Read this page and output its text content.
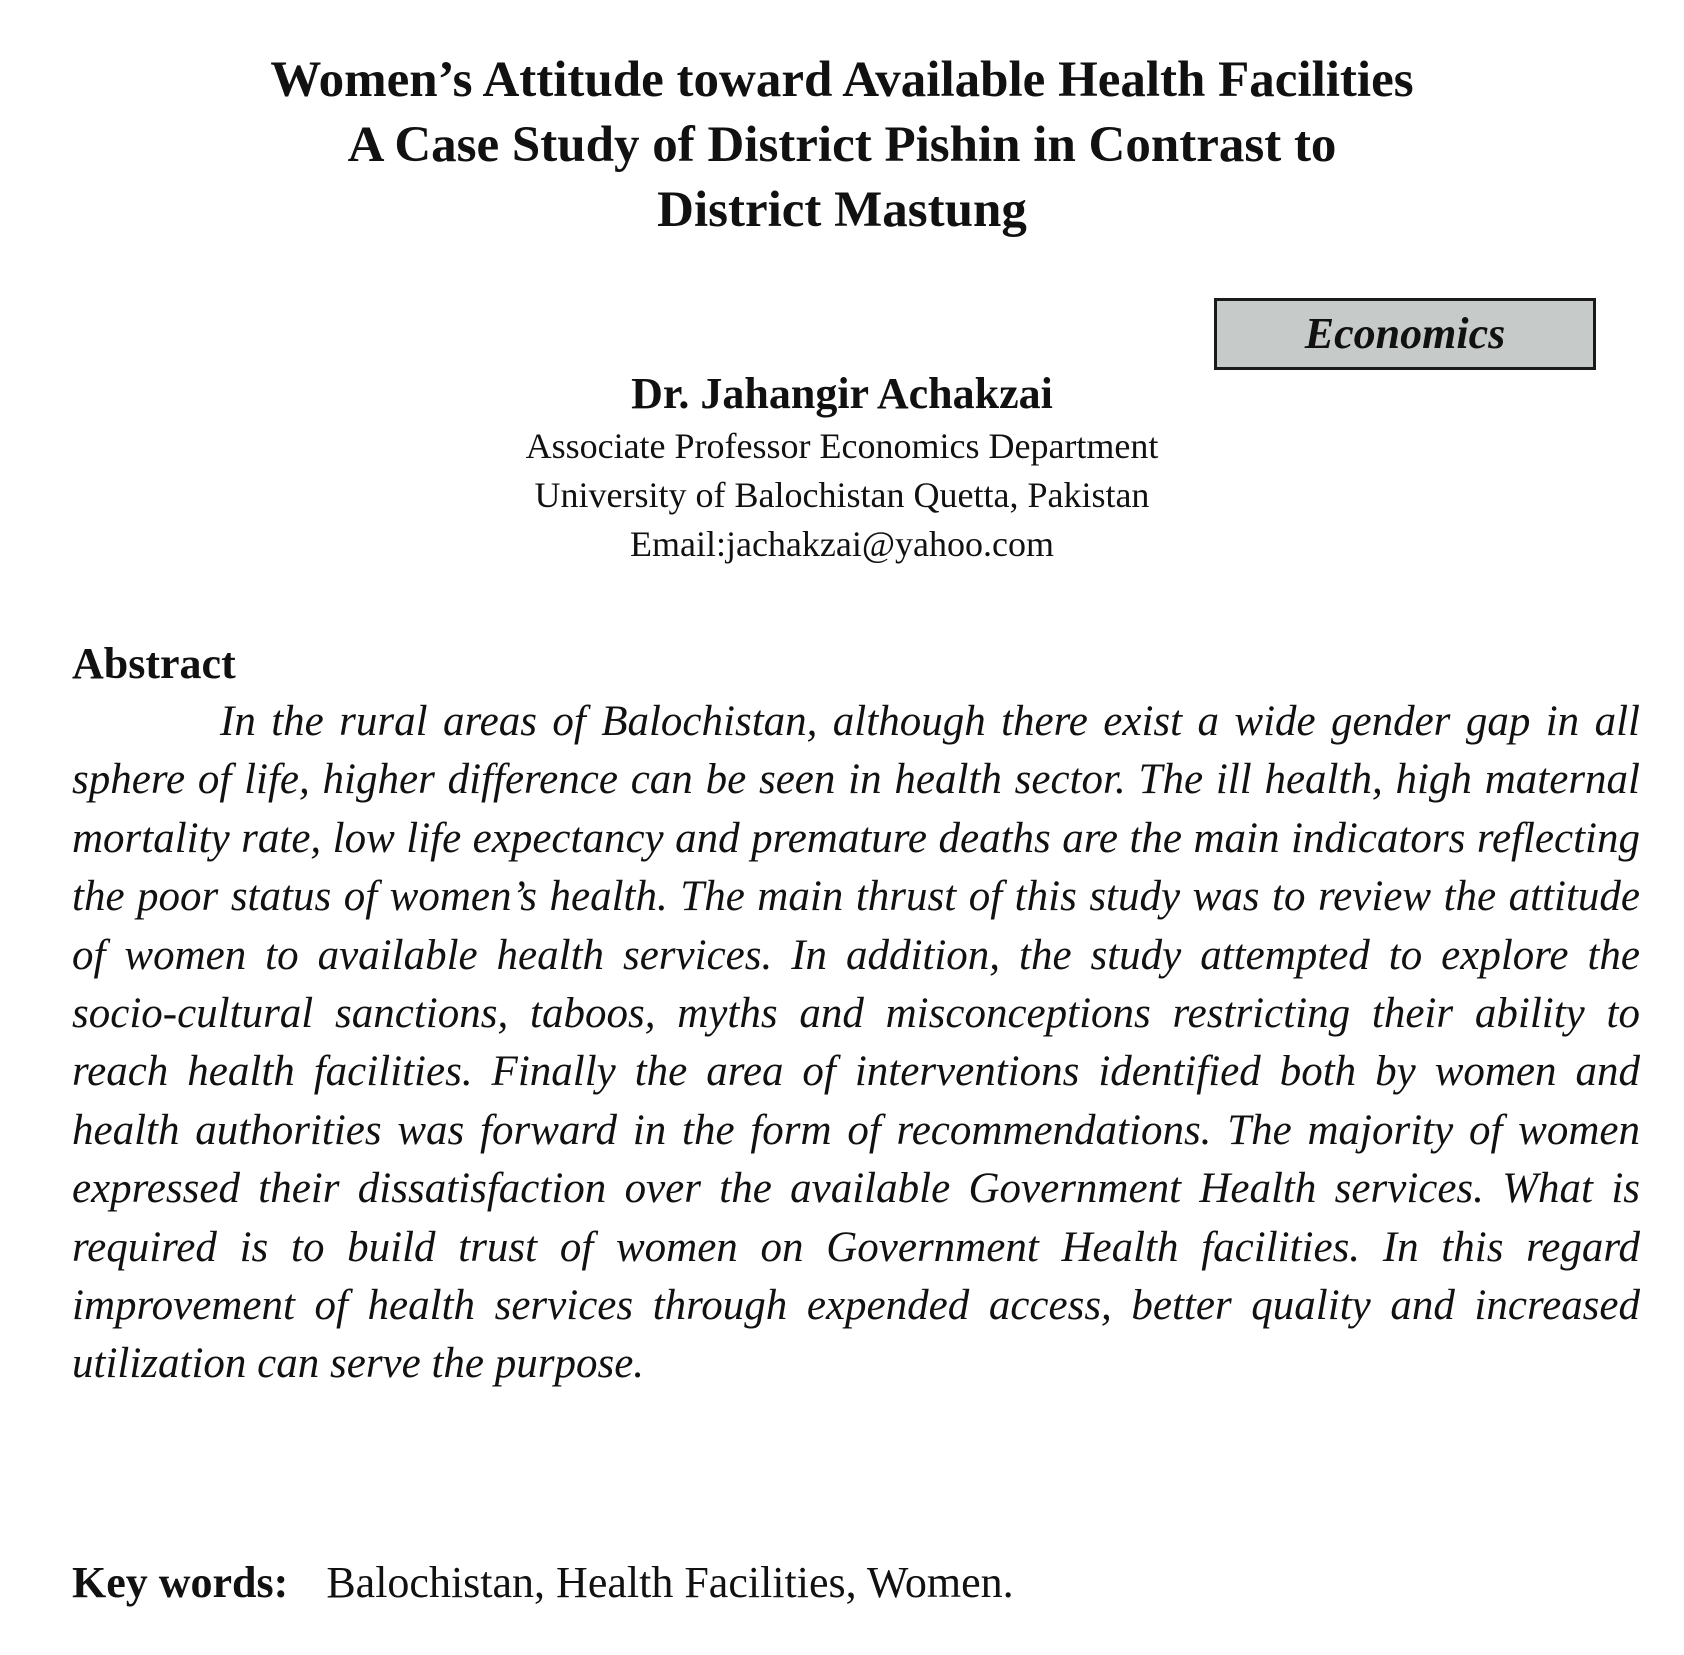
Women’s Attitude toward Available Health Facilities
A Case Study of District Pishin in Contrast to
District Mastung
Economics
Dr. Jahangir Achakzai
Associate Professor Economics Department
University of Balochistan Quetta, Pakistan
Email:jachakzai@yahoo.com
Abstract

In the rural areas of Balochistan, although there exist a wide gender gap in all sphere of life, higher difference can be seen in health sector. The ill health, high maternal mortality rate, low life expectancy and premature deaths are the main indicators reflecting the poor status of women’s health. The main thrust of this study was to review the attitude of women to available health services. In addition, the study attempted to explore the socio-cultural sanctions, taboos, myths and misconceptions restricting their ability to reach health facilities. Finally the area of interventions identified both by women and health authorities was forward in the form of recommendations. The majority of women expressed their dissatisfaction over the available Government Health services. What is required is to build trust of women on Government Health facilities. In this regard improvement of health services through expended access, better quality and increased utilization can serve the purpose.

Key words: Balochistan, Health Facilities, Women.
